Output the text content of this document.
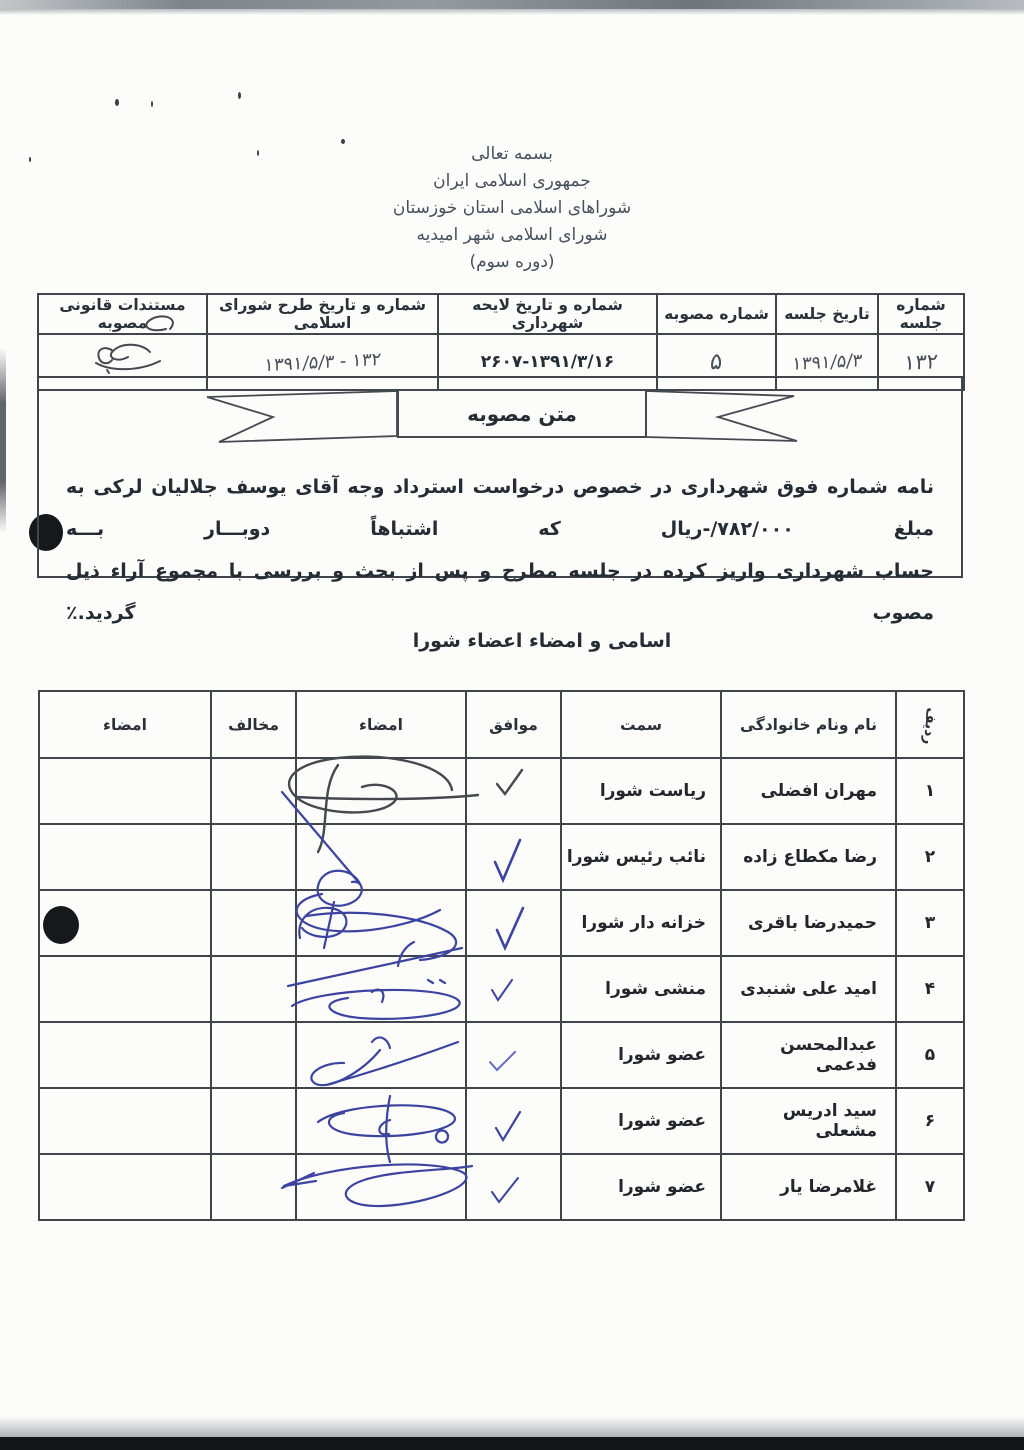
بسمه تعالی
جمهوری اسلامی ایران
شوراهای اسلامی استان خوزستان
شورای اسلامی شهر امیدیه
(دوره سوم)
شماره جلسه	تاریخ جلسه	شماره مصوبه	شماره و تاریخ لایحه شهرداری	شماره و تاریخ طرح شورای اسلامی	مستندات قانونی مصوبه
۱۳۲	۱۳۹۱/۵/۳	۵	۲۶۰۷-۱۳۹۱/۳/۱۶	۱۳۲ - ۱۳۹۱/۵/۳	
متن مصوبه
نامه شماره فوق شهرداری در خصوص درخواست استرداد وجه آقای یوسف جلالیان لرکی به مبلغ -/۷۸۲/۰۰۰ریال که اشتباهاً دوبـــار بـــه
حساب شهرداری واریز کرده در جلسه مطرح و پس از بحث و بررسی با مجموع آراء ذیل مصوب گردید.٪
اسامی و امضاء اعضاء شورا
ردیف	نام ونام خانوادگی	سمت	موافق	امضاء	مخالف	امضاء
۱	مهران افضلی	ریاست شورا				
۲	رضا مکطاع زاده	نائب رئیس شورا				
۳	حمیدرضا باقری	خزانه دار شورا				
۴	امید علی شنبدی	منشی شورا				
۵	عبدالمحسن فدعمی	عضو شورا				
۶	سید ادریس مشعلی	عضو شورا				
۷	غلامرضا یار	عضو شورا				
